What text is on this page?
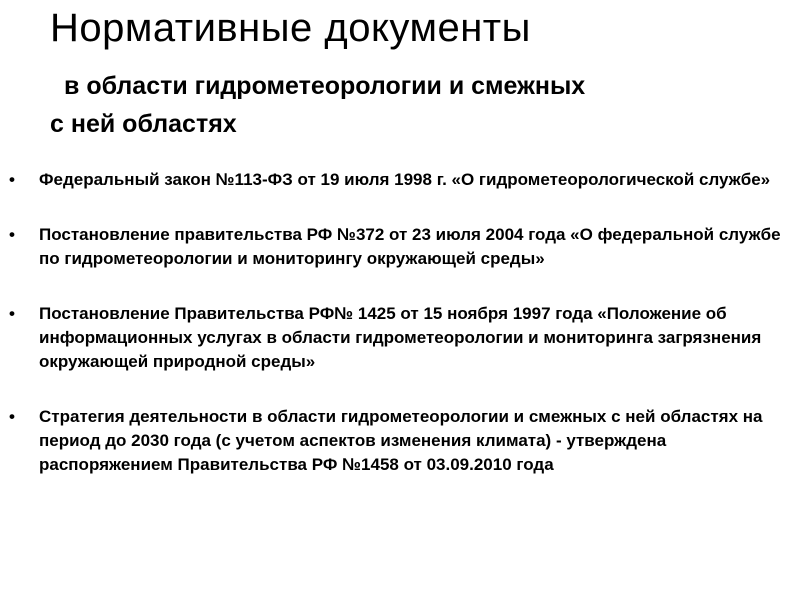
Нормативные документы
в области гидрометеорологии и смежных
с ней областях
• Федеральный закон №113-ФЗ от 19 июля 1998 г. «О гидрометеорологической службе»
• Постановление правительства РФ №372 от 23 июля 2004 года «О федеральной службе по гидрометеорологии и мониторингу окружающей среды»
• Постановление Правительства РФ№ 1425 от 15 ноября 1997 года «Положение об информационных услугах в области гидрометеорологии и мониторинга загрязнения окружающей природной среды»
• Стратегия деятельности в области гидрометеорологии и смежных с ней областях на период до 2030 года (с учетом аспектов изменения климата) - утверждена распоряжением Правительства РФ №1458 от 03.09.2010 года
